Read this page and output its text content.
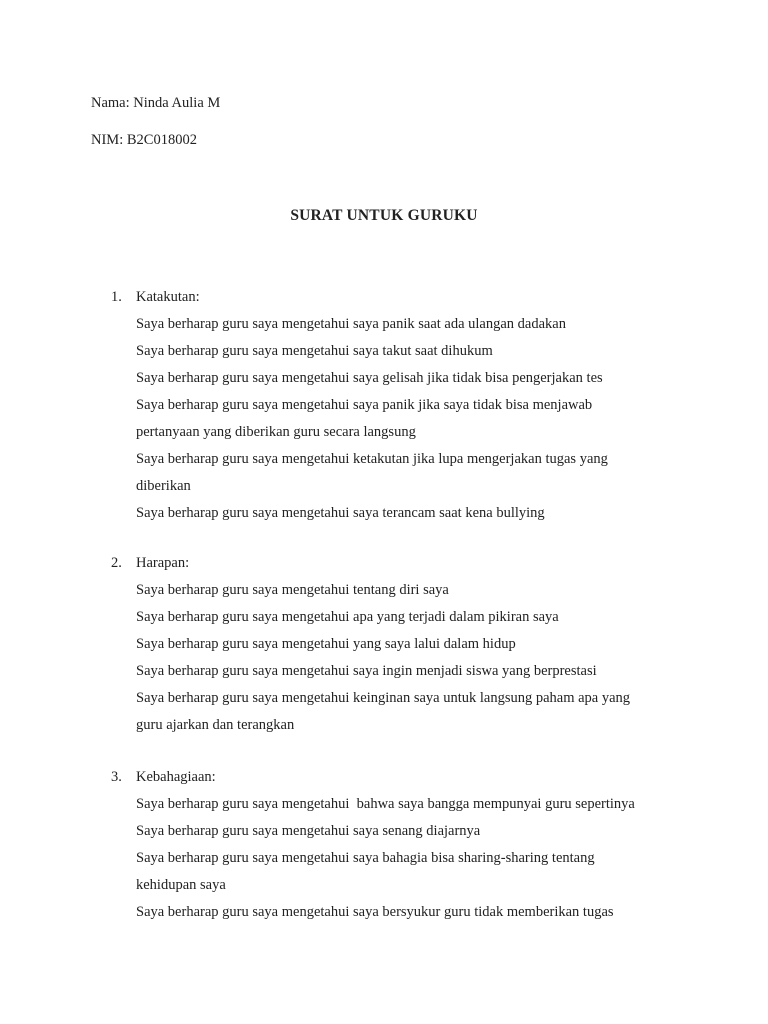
Nama: Ninda Aulia M
NIM: B2C018002
SURAT UNTUK GURUKU
1. Katakutan:
Saya berharap guru saya mengetahui saya panik saat ada ulangan dadakan
Saya berharap guru saya mengetahui saya takut saat dihukum
Saya berharap guru saya mengetahui saya gelisah jika tidak bisa pengerjakan tes
Saya berharap guru saya mengetahui saya panik jika saya tidak bisa menjawab
pertanyaan yang diberikan guru secara langsung
Saya berharap guru saya mengetahui ketakutan jika lupa mengerjakan tugas yang
diberikan
Saya berharap guru saya mengetahui saya terancam saat kena bullying
2. Harapan:
Saya berharap guru saya mengetahui tentang diri saya
Saya berharap guru saya mengetahui apa yang terjadi dalam pikiran saya
Saya berharap guru saya mengetahui yang saya lalui dalam hidup
Saya berharap guru saya mengetahui saya ingin menjadi siswa yang berprestasi
Saya berharap guru saya mengetahui keinginan saya untuk langsung paham apa yang
guru ajarkan dan terangkan
3. Kebahagiaan:
Saya berharap guru saya mengetahui  bahwa saya bangga mempunyai guru sepertinya
Saya berharap guru saya mengetahui saya senang diajarnya
Saya berharap guru saya mengetahui saya bahagia bisa sharing-sharing tentang
kehidupan saya
Saya berharap guru saya mengetahui saya bersyukur guru tidak memberikan tugas
